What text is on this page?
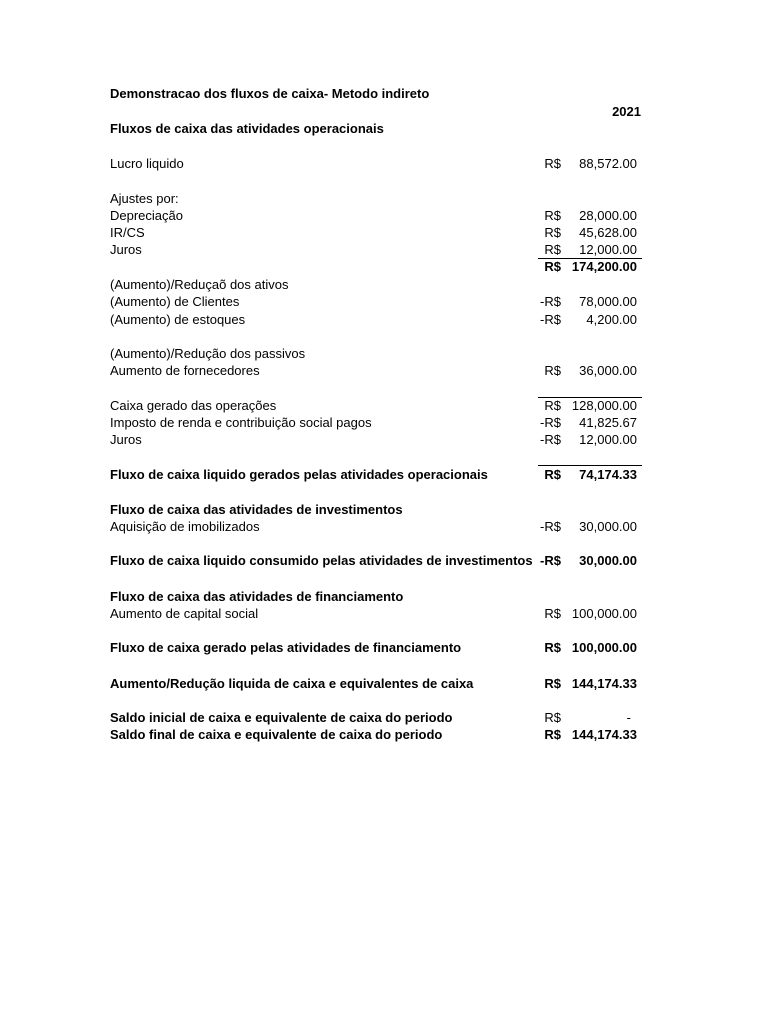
Demonstracao dos fluxos de caixa- Metodo indireto
2021
Fluxos de caixa das atividades operacionais
Lucro liquido	R$	88,572.00
Ajustes por:
Depreciação	R$	28,000.00
IR/CS	R$	45,628.00
Juros	R$	12,000.00
R$ 174,200.00
(Aumento)/Reduçaõ dos ativos
(Aumento) de Clientes	-R$	78,000.00
(Aumento) de estoques	-R$	4,200.00
(Aumento)/Redução dos passivos
Aumento de fornecedores	R$	36,000.00
Caixa gerado das operações	R$ 128,000.00
Imposto de renda e contribuição social pagos	-R$	41,825.67
Juros	-R$	12,000.00
Fluxo de caixa liquido gerados pelas atividades operacionais	R$	74,174.33
Fluxo de caixa das atividades de investimentos
Aquisição de imobilizados	-R$	30,000.00
Fluxo de caixa liquido consumido pelas atividades de investimentos -R$	30,000.00
Fluxo de caixa das atividades de financiamento
Aumento de capital social	R$ 100,000.00
Fluxo de caixa gerado pelas atividades de financiamento	R$ 100,000.00
Aumento/Redução liquida de caixa e equivalentes de caixa	R$ 144,174.33
Saldo inicial de caixa e equivalente de caixa do periodo	R$	-
Saldo final de caixa e equivalente de caixa do periodo	R$ 144,174.33
